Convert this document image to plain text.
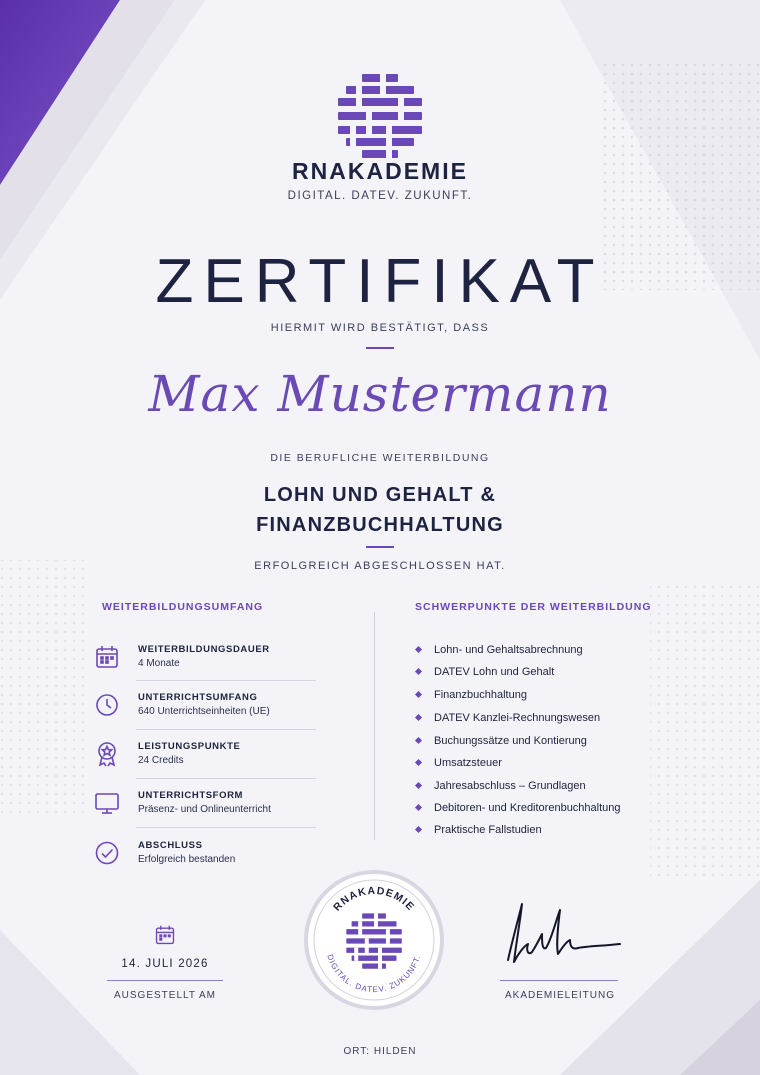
RNAKADEMIE
DIGITAL. DATEV. ZUKUNFT.
ZERTIFIKAT
HIERMIT WIRD BESTÄTIGT, DASS
Max Mustermann
DIE BERUFLICHE WEITERBILDUNG
LOHN UND GEHALT &
FINANZBUCHHALTUNG
ERFOLGREICH ABGESCHLOSSEN HAT.
WEITERBILDUNGSUMFANG
WEITERBILDUNGSDAUER
4 Monate
UNTERRICHTSUMFANG
640 Unterrichtseinheiten (UE)
LEISTUNGSPUNKTE
24 Credits
UNTERRICHTSFORM
Präsenz- und Onlineunterricht
ABSCHLUSS
Erfolgreich bestanden
SCHWERPUNKTE DER WEITERBILDUNG
Lohn- und Gehaltsabrechnung
DATEV Lohn und Gehalt
Finanzbuchhaltung
DATEV Kanzlei-Rechnungswesen
Buchungssätze und Kontierung
Umsatzsteuer
Jahresabschluss – Grundlagen
Debitoren- und Kreditorenbuchhaltung
Praktische Fallstudien
14. JULI 2026
AUSGESTELLT AM
RNAKADEMIE
DIGITAL. DATEV. ZUKUNFT.
AKADEMIELEITUNG
ORT: HILDEN
